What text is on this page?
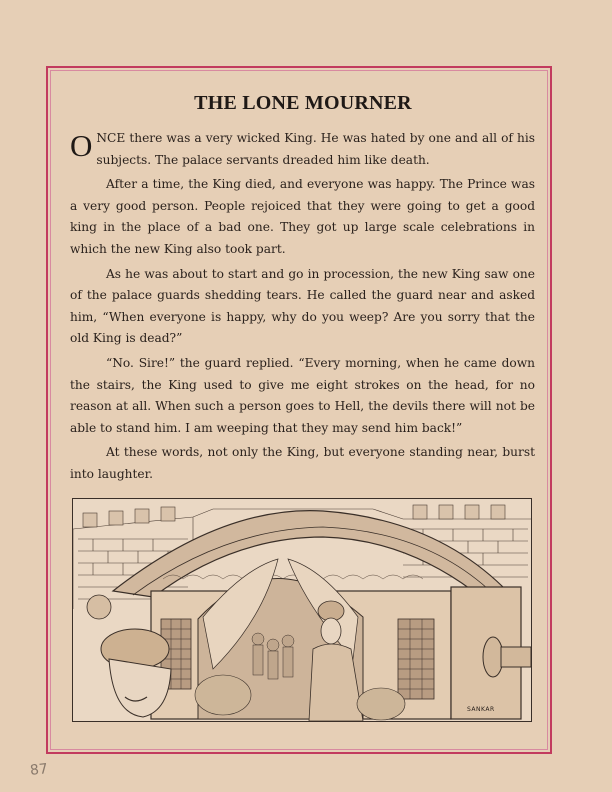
THE LONE MOURNER

ONCE there was a very wicked King. He was hated by one and all of his subjects. The palace servants dreaded him like death.

After a time, the King died, and everyone was happy. The Prince was a very good person. People rejoiced that they were going to get a good king in the place of a bad one. They got up large scale celebrations in which the new King also took part.

As he was about to start and go in procession, the new King saw one of the palace guards shedding tears. He called the guard near and asked him, “When everyone is happy, why do you weep? Are you sorry that the old King is dead?”

“No. Sire!” the guard replied. “Every morning, when he came down the stairs, the King used to give me eight strokes on the head, for no reason at all. When such a person goes to Hell, the devils there will not be able to stand him. I am weeping that they may send him back!”

At these words, not only the King, but everyone standing near, burst into laughter.

SANKAR
87
